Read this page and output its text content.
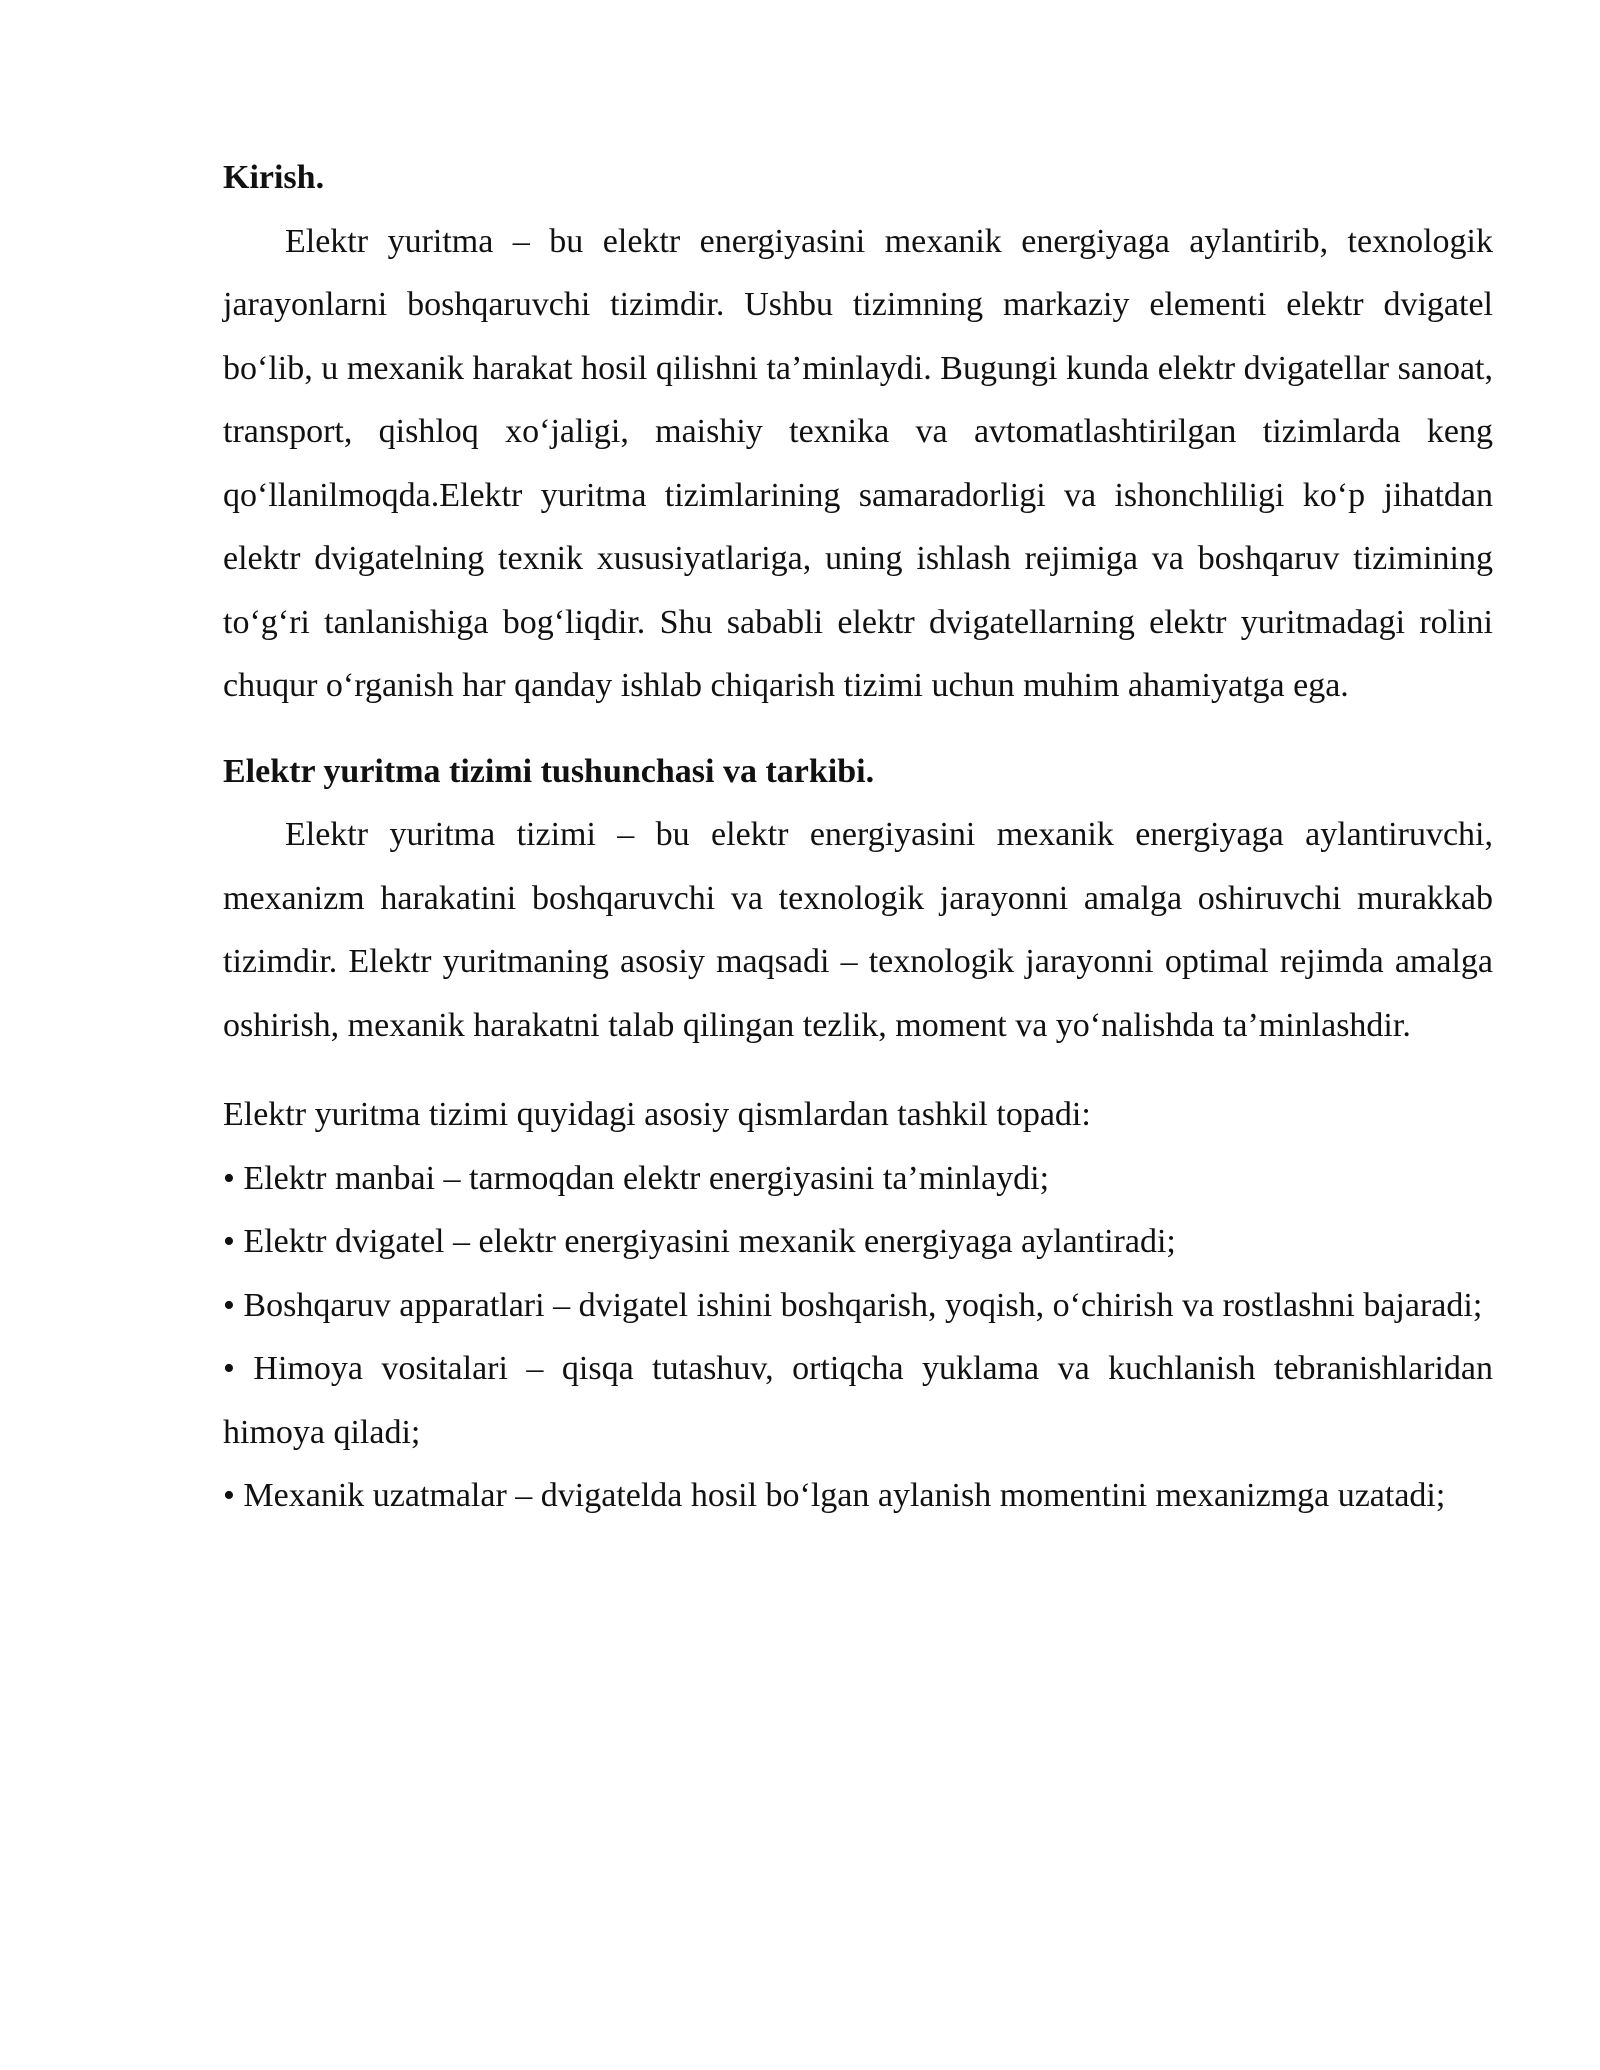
Kirish.

Elektr yuritma – bu elektr energiyasini mexanik energiyaga aylantirib, texnologik jarayonlarni boshqaruvchi tizimdir. Ushbu tizimning markaziy elementi elektr dvigatel bo‘lib, u mexanik harakat hosil qilishni ta’minlaydi. Bugungi kunda elektr dvigatellar sanoat, transport, qishloq xo‘jaligi, maishiy texnika va avtomatlashtirilgan tizimlarda keng qo‘llanilmoqda.Elektr yuritma tizimlarining samaradorligi va ishonchliligi ko‘p jihatdan elektr dvigatelning texnik xususiyatlariga, uning ishlash rejimiga va boshqaruv tizimining to‘g‘ri tanlanishiga bog‘liqdir. Shu sababli elektr dvigatellarning elektr yuritmadagi rolini chuqur o‘rganish har qanday ishlab chiqarish tizimi uchun muhim ahamiyatga ega.

Elektr yuritma tizimi tushunchasi va tarkibi.

Elektr yuritma tizimi – bu elektr energiyasini mexanik energiyaga aylantiruvchi, mexanizm harakatini boshqaruvchi va texnologik jarayonni amalga oshiruvchi murakkab tizimdir. Elektr yuritmaning asosiy maqsadi – texnologik jarayonni optimal rejimda amalga oshirish, mexanik harakatni talab qilingan tezlik, moment va yo‘nalishda ta’minlashdir.

Elektr yuritma tizimi quyidagi asosiy qismlardan tashkil topadi:

• Elektr manbai – tarmoqdan elektr energiyasini ta’minlaydi;

• Elektr dvigatel – elektr energiyasini mexanik energiyaga aylantiradi;

• Boshqaruv apparatlari – dvigatel ishini boshqarish, yoqish, o‘chirish va rostlashni bajaradi;

• Himoya vositalari – qisqa tutashuv, ortiqcha yuklama va kuchlanish tebranishlaridan himoya qiladi;

• Mexanik uzatmalar – dvigatelda hosil bo‘lgan aylanish momentini mexanizmga uzatadi;
